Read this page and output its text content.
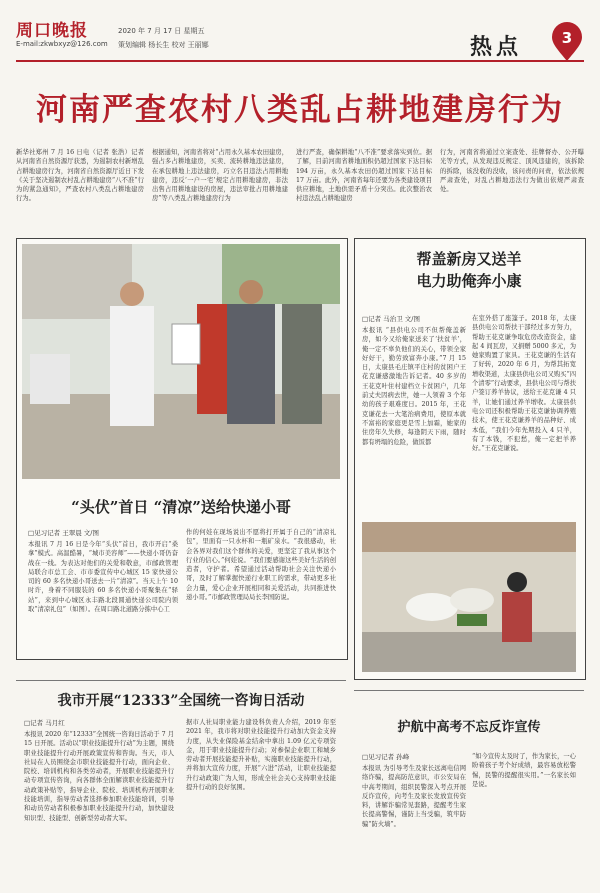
周口晚报
E-mail:zkwbxyz@126.com
2020 年 7 月 17 日 星期五
策划编辑 杨长生 校对 王丽娜	热点	3
河南严查农村八类乱占耕地建房行为
新华社郑州 7 月 16 日电（记者 张浩）记者从河南省自然资源厅获悉，为遏制农村新增乱占耕地建房行为，河南省自然资源厅近日下发《关于坚决遏制农村乱占耕地建房“八不准”行为的紧急通知》，严查农村八类乱占耕地建房行为。
根据通知，河南省将对“占用永久基本农田建房，强占多占耕地建房，买卖、流转耕地违法建房，在承包耕地上违法建房，巧立名目违法占用耕地建房，违反‘一户一宅’规定占用耕地建房，非法出售占用耕地建设的房屋，违法审批占用耕地建房”等八类乱占耕地建房行为
进行严查，确保耕地“八不准”要求落实到位。据了解，目前河南省耕地面积仍超过国家下达目标 194 万亩，永久基本农田仍超过国家下达目标 17 万亩。此外，河南省每年还要为各类建设项目供应耕地，土地供需矛盾十分突出。此次整治农村违法乱占耕地建房
行为，河南省将通过立案查处、挂牌督办、公开曝光等方式，从发现违反规定、顶风违建的，该拆除的拆除，该没收的没收，该问责的问责，依法依规严肃查处，对乱占耕地违法行为做出依规严肃查处。
“头伏”首日 “清凉”送给快递小哥
□见习记者 王翠晨 文/图
本报讯 7 月 16 日是今年“头伏”首日，我市开启“桑拿”模式。高温酷暑，“城市美容师”——快递小哥仍奋战在一线。为表达对他们的关爱和敬意，市邮政管理局联合市总工会、市市委宣传中心城区 15 家快递公司的 60 多名快递小哥送去一片“清凉”。当天上午 10 时许，身着不同服装的 60 多名快递小哥聚集在“驿站”，来到中心城区永丰路北段圆通快递公司院内领取“清凉礼包”（如图）。在周口路北道路分拣中心工
作的何娃在现场说出不愿将打开属于自己的“清凉礼包”，里面有一只水杯和一瓶矿泉水。“我很感动，社会各界对我们这个群体的关爱，更坚定了我从事这个行业的信心。”何娃说。“我们要感谢这些美好生活的创造者，守护者。希望通过活动帮助社会关注快递小哥，及时了解掌握快递行业职工的需求，带动更多社会力量，爱心企业开展相同和关爱活动，共同推进快递小哥。”市邮政管理局局长李国防说。
帮盖新房又送羊
电力助俺奔小康
□记者 马治卫 文/图
本报讯 “县供电公司不但帮俺盖新房，如今又给俺家送来了‘扶贫羊’，俺一定不辜负他们的关心，带领全家好好干，勤劳致富奔小康。”7 月 15 日，太康县毛庄镇平庄村的贫困户王花克谦感激地告诉记者。40 多岁的王花克叶住村建档立卡贫困户，几年前丈夫因病去世，她一人领着 3 个年幼的孩子艰难度日。2015 年，王花克谦花去一大笔治病费用，使原本就不富裕的家庭更是雪上加霜，她家的住房年久失修，每逢阴天下雨，随时都有坍塌的危险，做饭都
在室外搭了座篷子。2018 年，太康县供电公司帮扶干部经过多方努力，帮助王花克谦争取危房改造资金，建起 4 间瓦房，又捐赠 5000 多元，为她家购置了家具。王花克谦的生活有了好转，2020 年 6 月，为帮其拓宽增收渠道，太康县供电公司又购买“四个清零”行动要求，县供电公司与帮扶户签订养羊协议，送给王花克谦 4 只羊，让她们通过养羊增收。太康县供电公司还积极帮助王花克谦协调养殖技术，使王花克谦养羊的品种好、成本低，“我们今年先期投入 4 只羊，有了本钱，不犯愁，俺一定把羊养好。”王花克谦说。
我市开展“12333”全国统一咨询日活动
□记者 马月红
本报讯 2020 年“12333”全国统一咨询日活动于 7 月 15 日开展。活动以“职业技能提升行动”为主题，围绕职业技能提升行动开展政策宣传和咨询。当天，市人社局在人员围绕金市职业技能提升行动，面向企业、院校、培训机构和各类劳动者，开展职业技能提升行动专项宣传咨询，向各群体全面解读职业技能提升行动政策补贴等，指导企业、院校、培训机构开展职业技能培训，指导劳动者选择参加职业技能培训，引导和动员劳动者积极参加职业技能提升行动，加快建设知识型、技能型、创新型劳动者大军。
据市人社局职业能力建设科负责人介绍，2019 年至 2021 年，我市将对职业技能提升行动加大资金支持力度，从失业保险基金结余中拿出 1.09 亿元专项资金，用于职业技能提升行动；对参保企业职工和城乡劳动者开展技能提升补贴，实施职业技能提升行动，并将加大宣传力度，开展“六进”活动，让职业技能提升行动政策广为人知，形成全社会关心支持职业技能提升行动的良好氛围。
护航中高考不忘反诈宣传
□见习记者 孙峰
本报讯 为引导考生及家长远离电信网络诈骗，提高防范意识，市公安局在中高考期间，组织民警深入考点开展反诈宣传，向考生及家长发放宣传资料，讲解诈骗常见套路，提醒考生家长提高警惕，谨防上当受骗，筑牢防骗“防火墙”。
“如今宣传太及时了，作为家长，一心盼着孩子考个好成绩，最容易放松警惕，民警的提醒很实用。”一名家长如是说。
